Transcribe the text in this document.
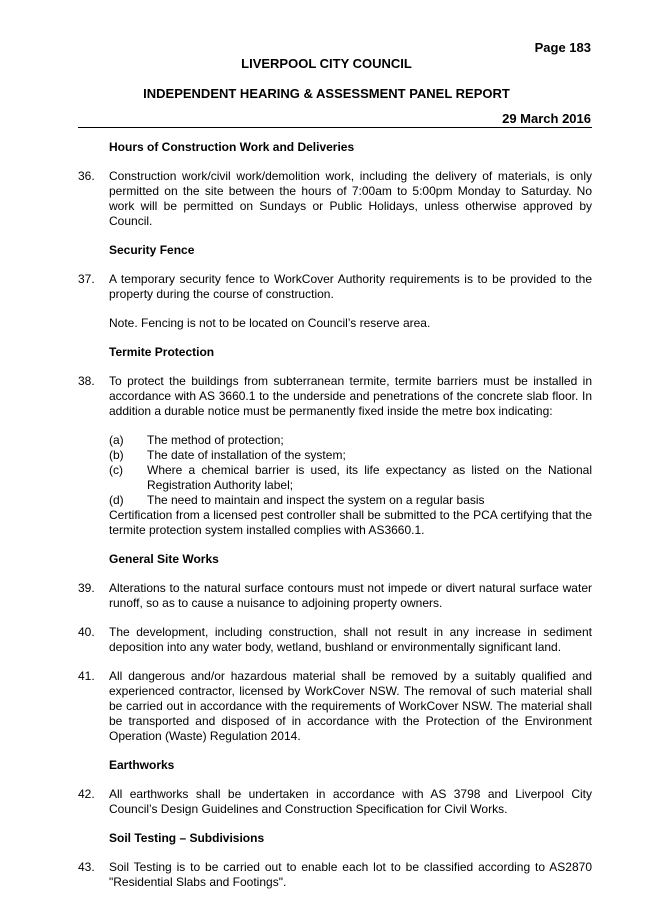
Page 183
LIVERPOOL CITY COUNCIL
INDEPENDENT HEARING & ASSESSMENT PANEL REPORT
29 March 2016
Hours of Construction Work and Deliveries
36. Construction work/civil work/demolition work, including the delivery of materials, is only permitted on the site between the hours of 7:00am to 5:00pm Monday to Saturday. No work will be permitted on Sundays or Public Holidays, unless otherwise approved by Council.
Security Fence
37. A temporary security fence to WorkCover Authority requirements is to be provided to the property during the course of construction.
Note. Fencing is not to be located on Council’s reserve area.
Termite Protection
38. To protect the buildings from subterranean termite, termite barriers must be installed in accordance with AS 3660.1 to the underside and penetrations of the concrete slab floor. In addition a durable notice must be permanently fixed inside the metre box indicating:
(a) The method of protection;
(b) The date of installation of the system;
(c) Where a chemical barrier is used, its life expectancy as listed on the National Registration Authority label;
(d) The need to maintain and inspect the system on a regular basis
Certification from a licensed pest controller shall be submitted to the PCA certifying that the termite protection system installed complies with AS3660.1.
General Site Works
39. Alterations to the natural surface contours must not impede or divert natural surface water runoff, so as to cause a nuisance to adjoining property owners.
40. The development, including construction, shall not result in any increase in sediment deposition into any water body, wetland, bushland or environmentally significant land.
41. All dangerous and/or hazardous material shall be removed by a suitably qualified and experienced contractor, licensed by WorkCover NSW. The removal of such material shall be carried out in accordance with the requirements of WorkCover NSW. The material shall be transported and disposed of in accordance with the Protection of the Environment Operation (Waste) Regulation 2014.
Earthworks
42. All earthworks shall be undertaken in accordance with AS 3798 and Liverpool City Council’s Design Guidelines and Construction Specification for Civil Works.
Soil Testing – Subdivisions
43. Soil Testing is to be carried out to enable each lot to be classified according to AS2870 "Residential Slabs and Footings".
